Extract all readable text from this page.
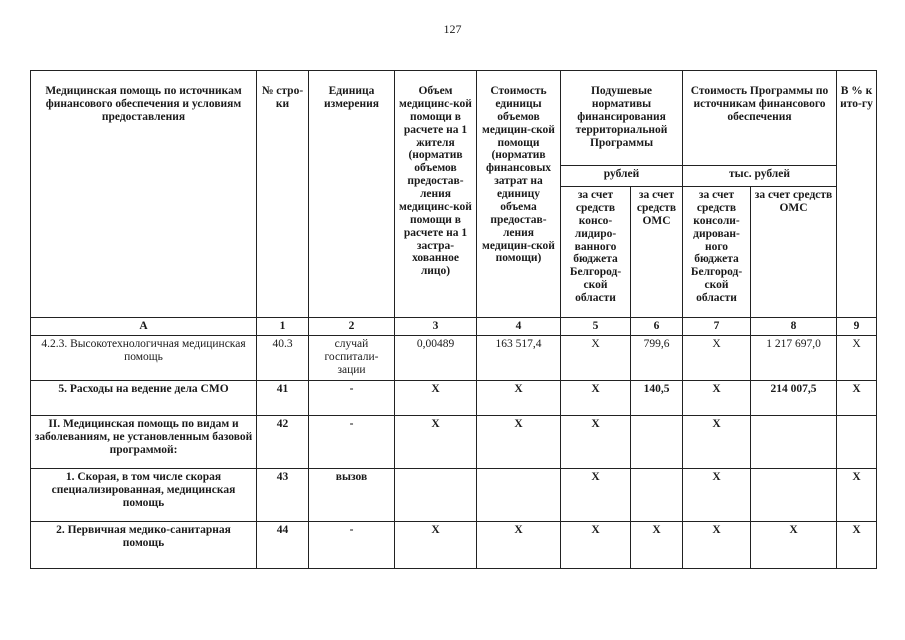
127
Медицинская помощь по источникам финансового обеспечения и условиям предоставления	№ стро-ки	Единица измерения	Объем медицинс-кой помощи в расчете на 1 жителя (норматив объемов предостав-ления медицинс-кой помощи в расчете на 1 застра-хованное лицо)	Стоимость единицы объемов медицин-ской помощи (норматив финансовых затрат на единицу объема предостав-ления медицин-ской помощи)	Подушевые нормативы финансирования территориальной Программы		Стоимость Программы по источникам финансового обеспечения		В % к ито-гу
					рублей		тыс. рублей		
					за счет средств консо-лидиро-ванного бюджета Белгород-ской области	за счет средств ОМС	за счет средств консоли-дирован-ного бюджета Белгород-ской области	за счет средств ОМС	
А	1	2	3	4	5	6	7	8	9
4.2.3. Высокотехнологичная медицинская помощь	40.3	случай госпитали-зации	0,00489	163 517,4	X	799,6	X	1 217 697,0	X
5. Расходы на ведение дела СМО	41	-	X	X	X	140,5	X	214 007,5	X
II. Медицинская помощь по видам и заболеваниям, не установленным базовой программой:	42	-	X	X	X		X		
1. Скорая, в том числе скорая специализированная, медицинская помощь	43	вызов			X		X		X
2. Первичная медико-санитарная помощь	44	-	X	X	X	X	X	X	X
